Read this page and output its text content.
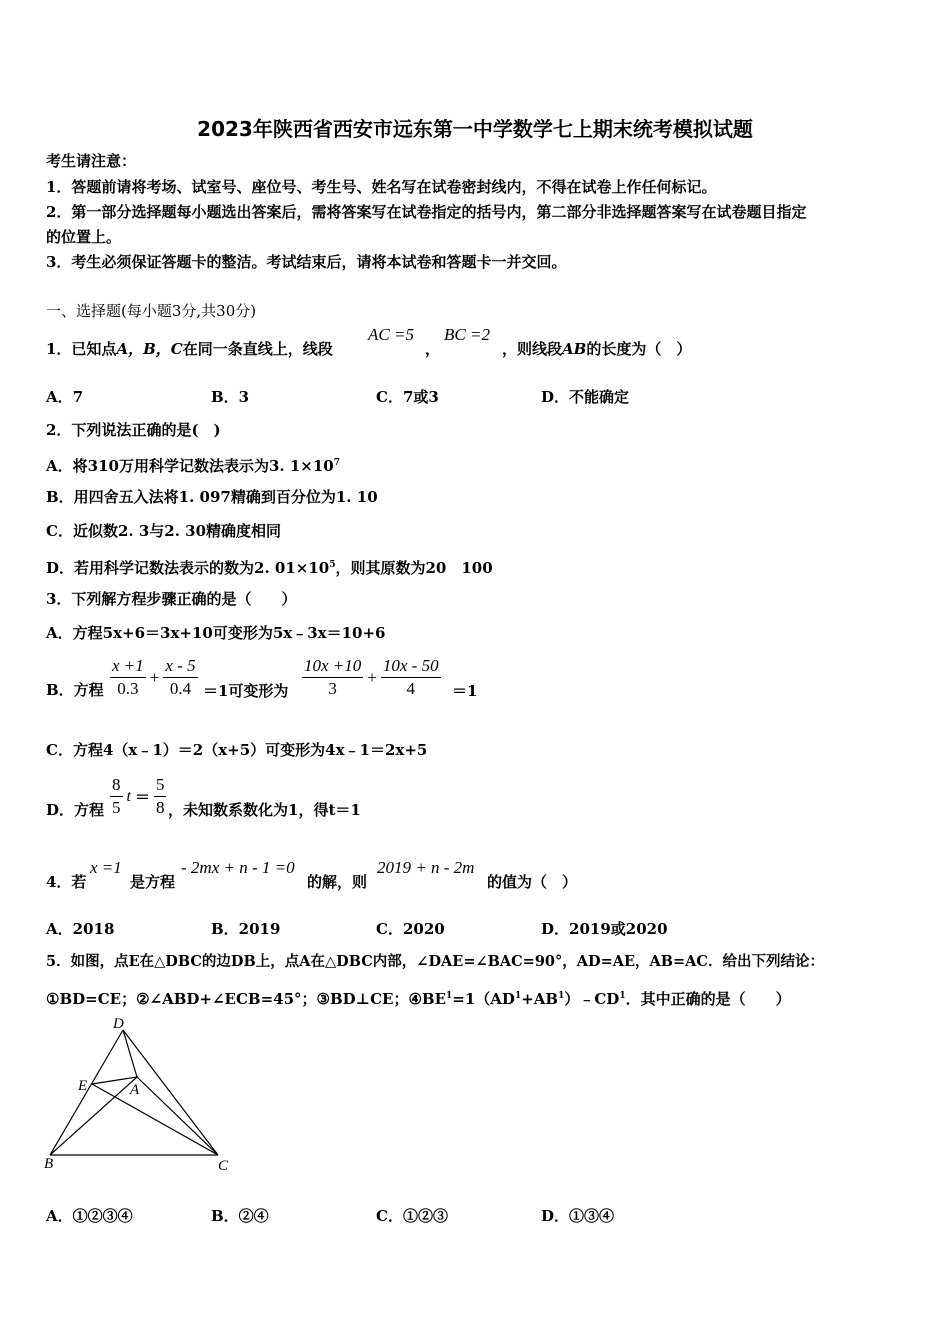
2023年陕西省西安市远东第一中学数学七上期末统考模拟试题
考生请注意：
1．答题前请将考场、试室号、座位号、考生号、姓名写在试卷密封线内，不得在试卷上作任何标记。
2．第一部分选择题每小题选出答案后，需将答案写在试卷指定的括号内，第二部分非选择题答案写在试卷题目指定
的位置上。
3．考生必须保证答题卡的整洁。考试结束后，请将本试卷和答题卡一并交回。
一、选择题(每小题3分,共30分)
1．已知点A，B，C在同一条直线上，线段
AC =5
，
BC =2
，则线段AB的长度为（　）
A．7	B．3	C．7或3	D．不能确定
2．下列说法正确的是(　)
A．将310万用科学记数法表示为3. $1\times 10^7$
B．用四舍五入法将1. 097精确到百分位为1. 10
C．近似数2. 3与2. 30精确度相同
D．若用科学记数法表示的数为2. $01\times 10^5$，则其原数为20　100
3．下列解方程步骤正确的是（　　）
A．方程5x+6＝3x+10可变形为5x﹣3x＝10+6
B．方程 $\frac{x +1}{0.3} + \frac{x - 5}{0.4} =1$可变形为 $\frac{10x +10}{3} + \frac{10x - 50}{4} =1$
C．方程4（x﹣1）＝2（x+5）可变形为4x﹣1＝2x+5
D．方程 $\frac{8}{5}$ $t = \frac{5}{8}$ ，未知数系数化为1，得t＝1
4．若
x =1
是方程
- 2mx + n - 1 =0
的解，则
2019 + n - 2m
的值为（　）
A．2018	B．2019	C．2020	D．2019或2020
5．如图，点E在△DBC的边DB上，点A在△DBC内部，∠DAE=∠BAC=90°，AD=AE，AB=AC．给出下列结论：
①BD=CE；②∠ABD+∠ECB=45°；③BD⊥CE；$④BE^1=1(AD^1+AB^1)﹣CD^1$．其中正确的是（　　）
D
E	A
B	C
A．①②③④	B．②④	C．①②③	D．①③④
